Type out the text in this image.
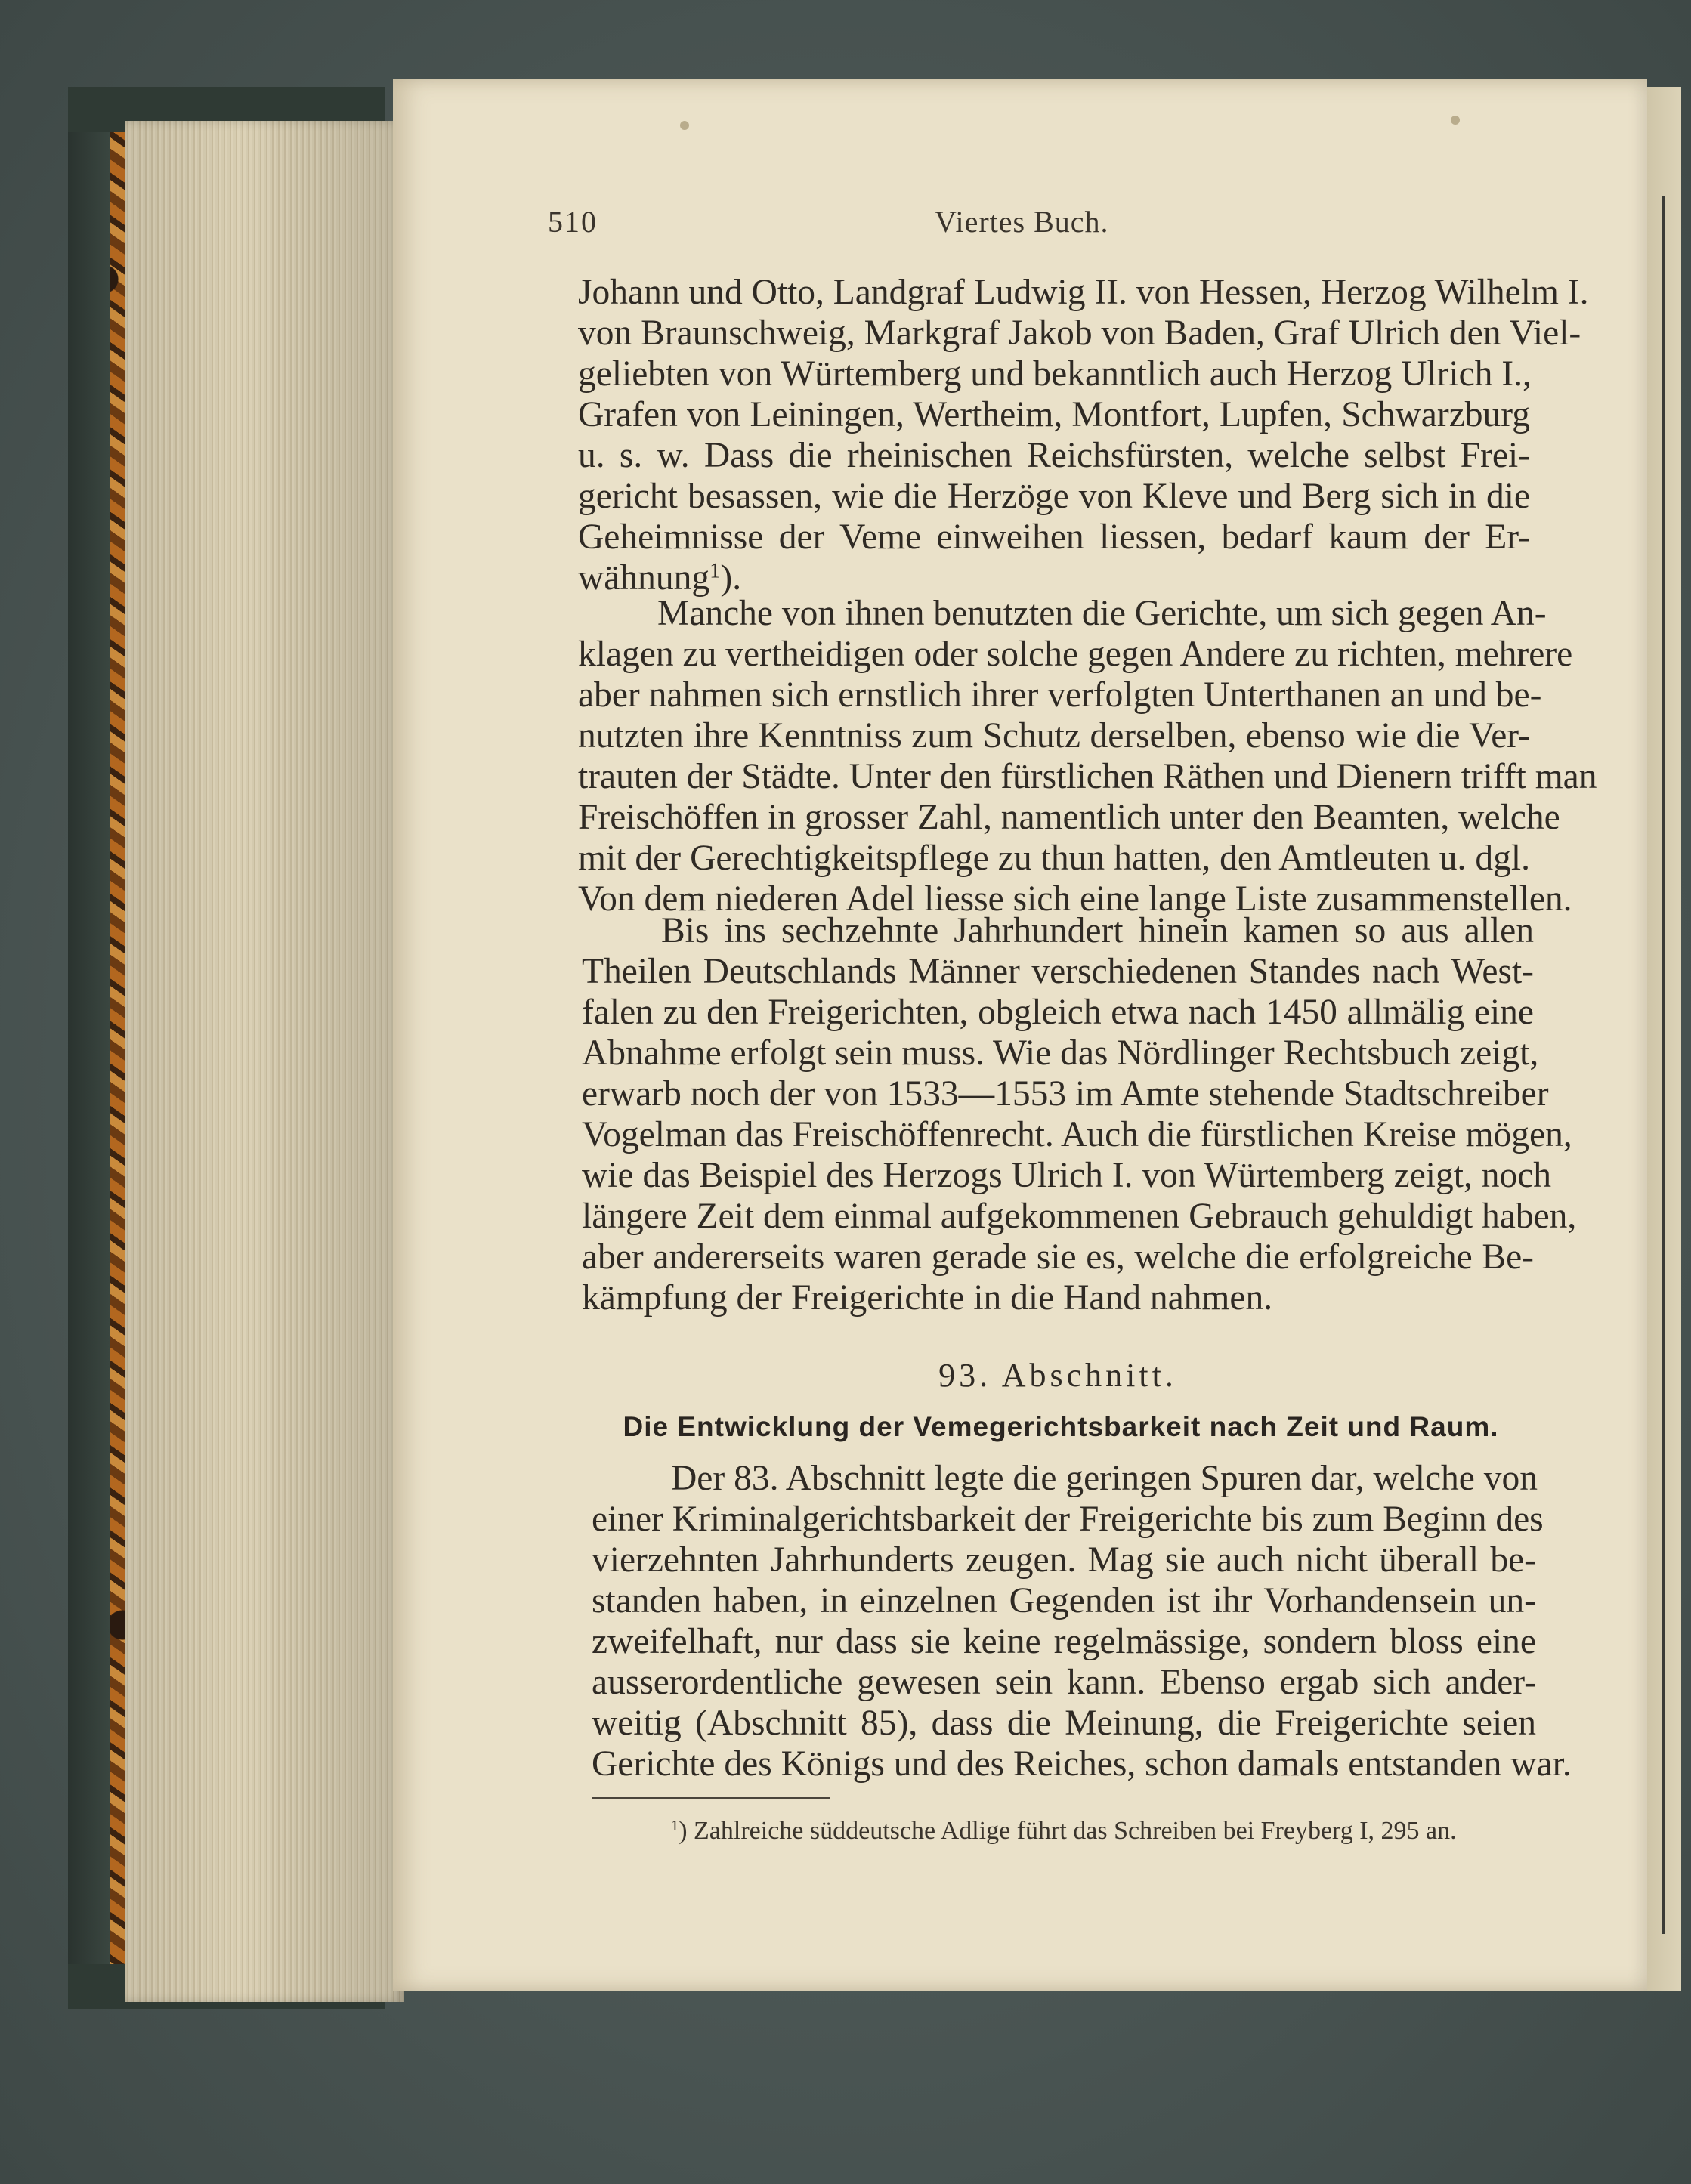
510	Viertes Buch.
Johann und Otto, Landgraf Ludwig II. von Hessen, Herzog Wilhelm I.
von Braunschweig, Markgraf Jakob von Baden, Graf Ulrich den Viel-
geliebten von Würtemberg und bekanntlich auch Herzog Ulrich I.,
Grafen von Leiningen, Wertheim, Montfort, Lupfen, Schwarzburg
u. s. w. Dass die rheinischen Reichsfürsten, welche selbst Frei-
gericht besassen, wie die Herzöge von Kleve und Berg sich in die
Geheimnisse der Veme einweihen liessen, bedarf kaum der Er-
wähnung$^1$).
Manche von ihnen benutzten die Gerichte, um sich gegen An-
klagen zu vertheidigen oder solche gegen Andere zu richten, mehrere
aber nahmen sich ernstlich ihrer verfolgten Unterthanen an und be-
nutzten ihre Kenntniss zum Schutz derselben, ebenso wie die Ver-
trauten der Städte. Unter den fürstlichen Räthen und Dienern trifft man
Freischöffen in grosser Zahl, namentlich unter den Beamten, welche
mit der Gerechtigkeitspflege zu thun hatten, den Amtleuten u. dgl.
Von dem niederen Adel liesse sich eine lange Liste zusammenstellen.
Bis ins sechzehnte Jahrhundert hinein kamen so aus allen
Theilen Deutschlands Männer verschiedenen Standes nach West-
falen zu den Freigerichten, obgleich etwa nach 1450 allmälig eine
Abnahme erfolgt sein muss. Wie das Nördlinger Rechtsbuch zeigt,
erwarb noch der von 1533—1553 im Amte stehende Stadtschreiber
Vogelman das Freischöffenrecht. Auch die fürstlichen Kreise mögen,
wie das Beispiel des Herzogs Ulrich I. von Würtemberg zeigt, noch
längere Zeit dem einmal aufgekommenen Gebrauch gehuldigt haben,
aber andererseits waren gerade sie es, welche die erfolgreiche Be-
kämpfung der Freigerichte in die Hand nahmen.
93. Abschnitt.
Die Entwicklung der Vemegerichtsbarkeit nach Zeit und Raum.
Der 83. Abschnitt legte die geringen Spuren dar, welche von
einer Kriminalgerichtsbarkeit der Freigerichte bis zum Beginn des
vierzehnten Jahrhunderts zeugen. Mag sie auch nicht überall be-
standen haben, in einzelnen Gegenden ist ihr Vorhandensein un-
zweifelhaft, nur dass sie keine regelmässige, sondern bloss eine
ausserordentliche gewesen sein kann. Ebenso ergab sich ander-
weitig (Abschnitt 85), dass die Meinung, die Freigerichte seien
Gerichte des Königs und des Reiches, schon damals entstanden war.
$^1$) Zahlreiche süddeutsche Adlige führt das Schreiben bei Freyberg I, 295 an.
